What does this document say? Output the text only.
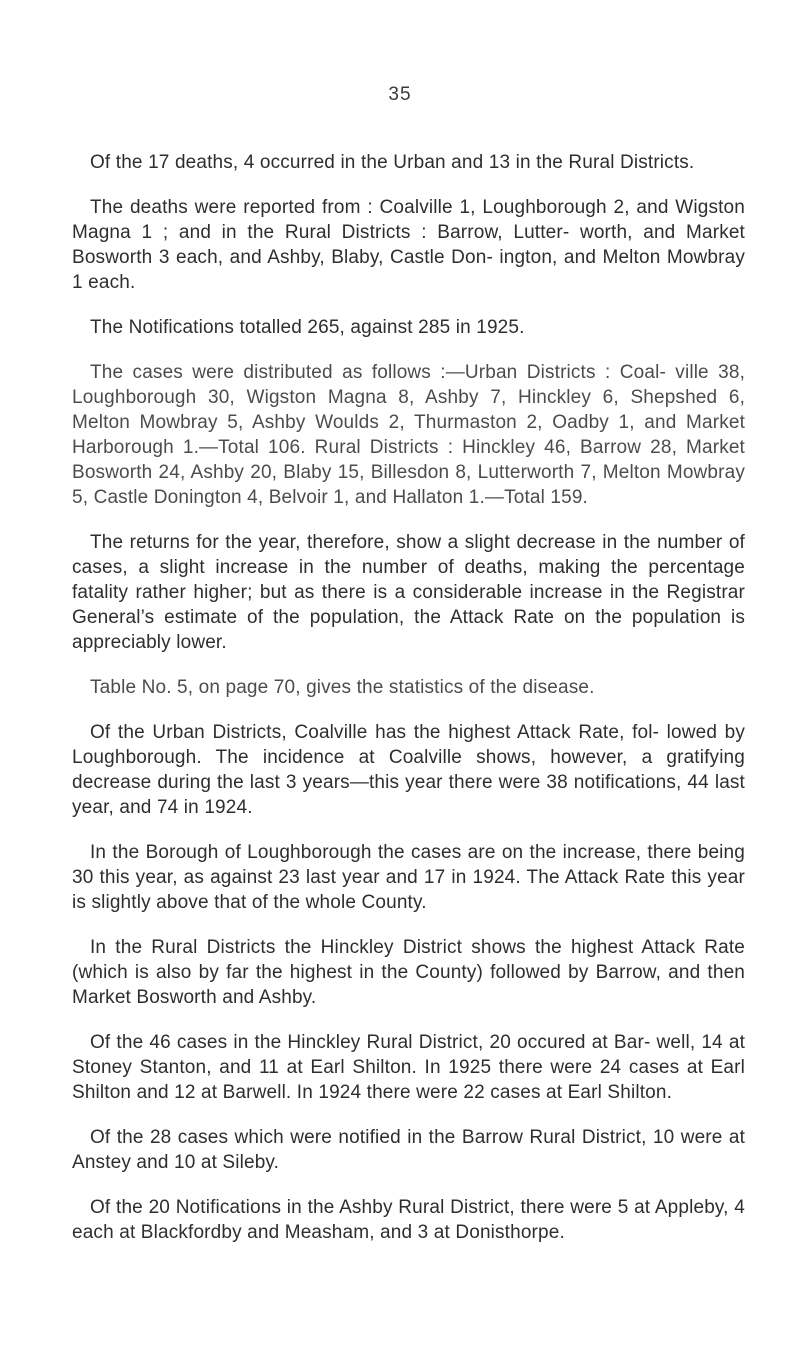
35

Of the 17 deaths, 4 occurred in the Urban and 13 in the Rural Districts.

The deaths were reported from : Coalville 1, Loughborough 2, and Wigston Magna 1 ; and in the Rural Districts : Barrow, Lutter- worth, and Market Bosworth 3 each, and Ashby, Blaby, Castle Don- ington, and Melton Mowbray 1 each.

The Notifications totalled 265, against 285 in 1925.

The cases were distributed as follows :—Urban Districts : Coal- ville 38, Loughborough 30, Wigston Magna 8, Ashby 7, Hinckley 6, Shepshed 6, Melton Mowbray 5, Ashby Woulds 2, Thurmaston 2, Oadby 1, and Market Harborough 1.—Total 106. Rural Districts : Hinckley 46, Barrow 28, Market Bosworth 24, Ashby 20, Blaby 15, Billesdon 8, Lutterworth 7, Melton Mowbray 5, Castle Donington 4, Belvoir 1, and Hallaton 1.—Total 159.

The returns for the year, therefore, show a slight decrease in the number of cases, a slight increase in the number of deaths, making the percentage fatality rather higher; but as there is a considerable increase in the Registrar General’s estimate of the population, the Attack Rate on the population is appreciably lower.

Table No. 5, on page 70, gives the statistics of the disease.

Of the Urban Districts, Coalville has the highest Attack Rate, fol- lowed by Loughborough. The incidence at Coalville shows, however, a gratifying decrease during the last 3 years—this year there were 38 notifications, 44 last year, and 74 in 1924.

In the Borough of Loughborough the cases are on the increase, there being 30 this year, as against 23 last year and 17 in 1924. The Attack Rate this year is slightly above that of the whole County.

In the Rural Districts the Hinckley District shows the highest Attack Rate (which is also by far the highest in the County) followed by Barrow, and then Market Bosworth and Ashby.

Of the 46 cases in the Hinckley Rural District, 20 occured at Bar- well, 14 at Stoney Stanton, and 11 at Earl Shilton. In 1925 there were 24 cases at Earl Shilton and 12 at Barwell. In 1924 there were 22 cases at Earl Shilton.

Of the 28 cases which were notified in the Barrow Rural District, 10 were at Anstey and 10 at Sileby.

Of the 20 Notifications in the Ashby Rural District, there were 5 at Appleby, 4 each at Blackfordby and Measham, and 3 at Donisthorpe.
